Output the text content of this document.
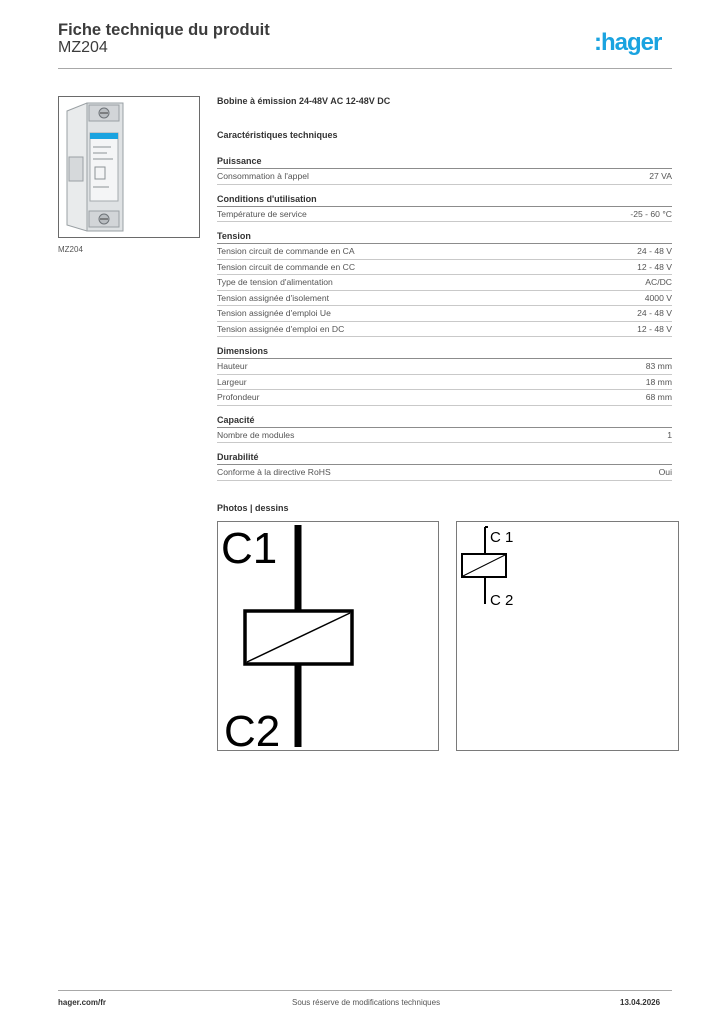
Fiche technique du produit
MZ204	:hager
MZ204
Bobine à émission 24-48V AC 12-48V DC
Caractéristiques techniques
Puissance
Consommation à l'appel	27 VA
Conditions d'utilisation
Température de service	-25 - 60 °C
Tension
Tension circuit de commande en CA	24 - 48 V
Tension circuit de commande en CC	12 - 48 V
Type de tension d'alimentation	AC/DC
Tension assignée d'isolement	4000 V
Tension assignée d'emploi Ue	24 - 48 V
Tension assignée d'emploi en DC	12 - 48 V
Dimensions
Hauteur	83 mm
Largeur	18 mm
Profondeur	68 mm
Capacité
Nombre de modules	1
Durabilité
Conforme à la directive RoHS	Oui
Photos | dessins
C1
C2
C 1
C 2
hager.com/fr	Sous réserve de modifications techniques	13.04.2026
